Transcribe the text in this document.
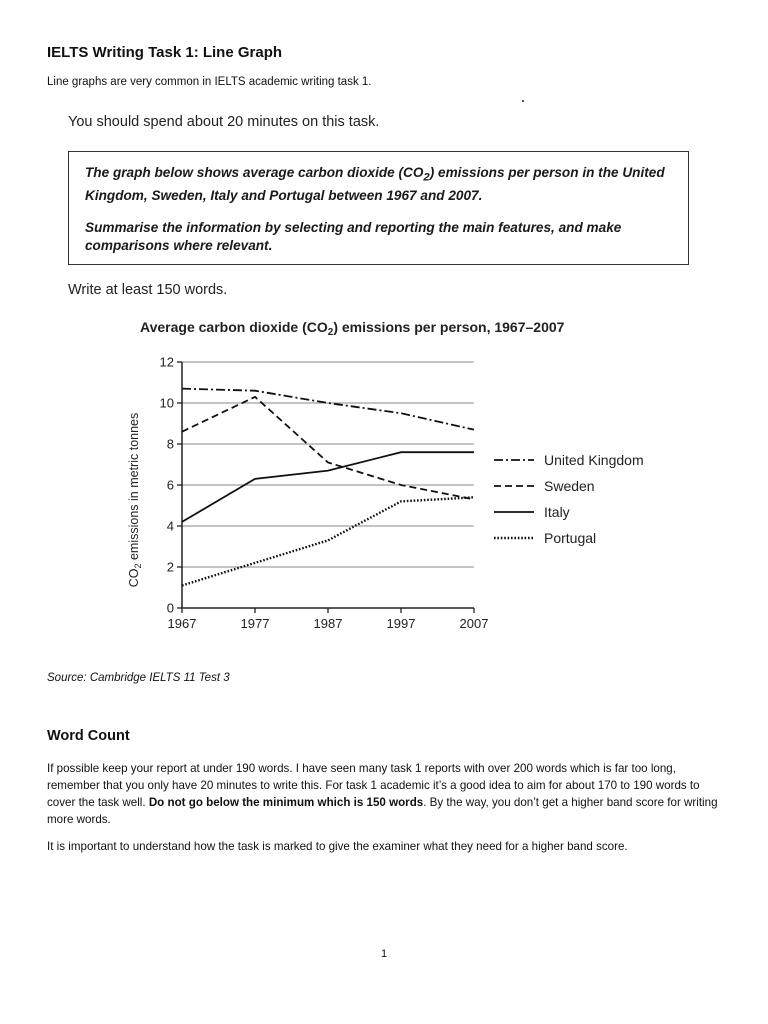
IELTS Writing Task 1: Line Graph

Line graphs are very common in IELTS academic writing task 1.

You should spend about 20 minutes on this task.

The graph below shows average carbon dioxide $(CO_2)$ emissions per person in the United Kingdom, Sweden, Italy and Portugal between 1967 and 2007.

Summarise the information by selecting and reporting the main features, and make comparisons where relevant.

Write at least 150 words.
Average carbon dioxide $(CO_2)$ emissions per person, 1967–2007
$CO_2$ emissions in metric tonnes
0
2
4
6
8
10
12
1967	1977	1987	1997	2007
United Kingdom
Sweden
Italy
Portugal

Source: Cambridge IELTS 11 Test 3

Word Count

If possible keep your report at under 190 words. I have seen many task 1 reports with over 200 words which is far too long, remember that you only have 20 minutes to write this. For task 1 academic it’s a good idea to aim for about 170 to 190 words to cover the task well. Do not go below the minimum which is 150 words. By the way, you don’t get a higher band score for writing more words.

It is important to understand how the task is marked to give the examiner what they need for a higher band score.

1
